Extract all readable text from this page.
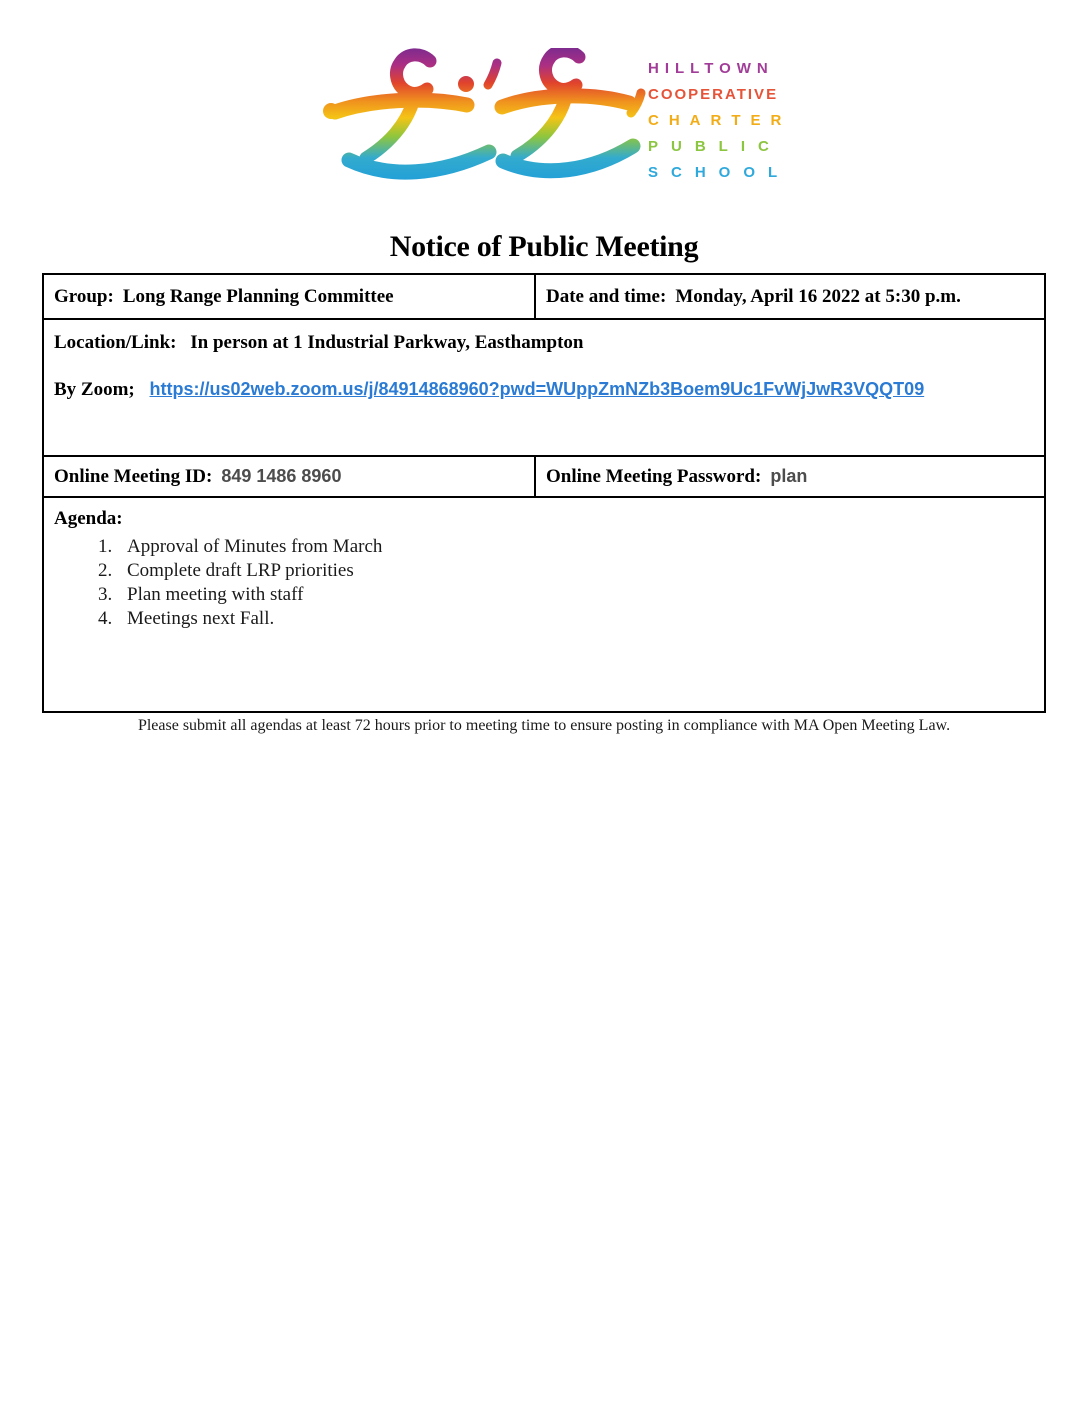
HILLTOWN
COOPERATIVE
CHARTER
PUBLIC
SCHOOL
Notice of Public Meeting
Group: Long Range Planning Committee	Date and time: Monday, April 16 2022 at 5:30 p.m.
Location/Link: In person at 1 Industrial Parkway, Easthampton
By Zoom; https://us02web.zoom.us/j/84914868960?pwd=WUppZmNZb3Boem9Uc1FvWjJwR3VQQT09
Online Meeting ID: 849 1486 8960	Online Meeting Password: plan
Agenda:
1. Approval of Minutes from March
2. Complete draft LRP priorities
3. Plan meeting with staff
4. Meetings next Fall.
Please submit all agendas at least 72 hours prior to meeting time to ensure posting in compliance with MA Open Meeting Law.
